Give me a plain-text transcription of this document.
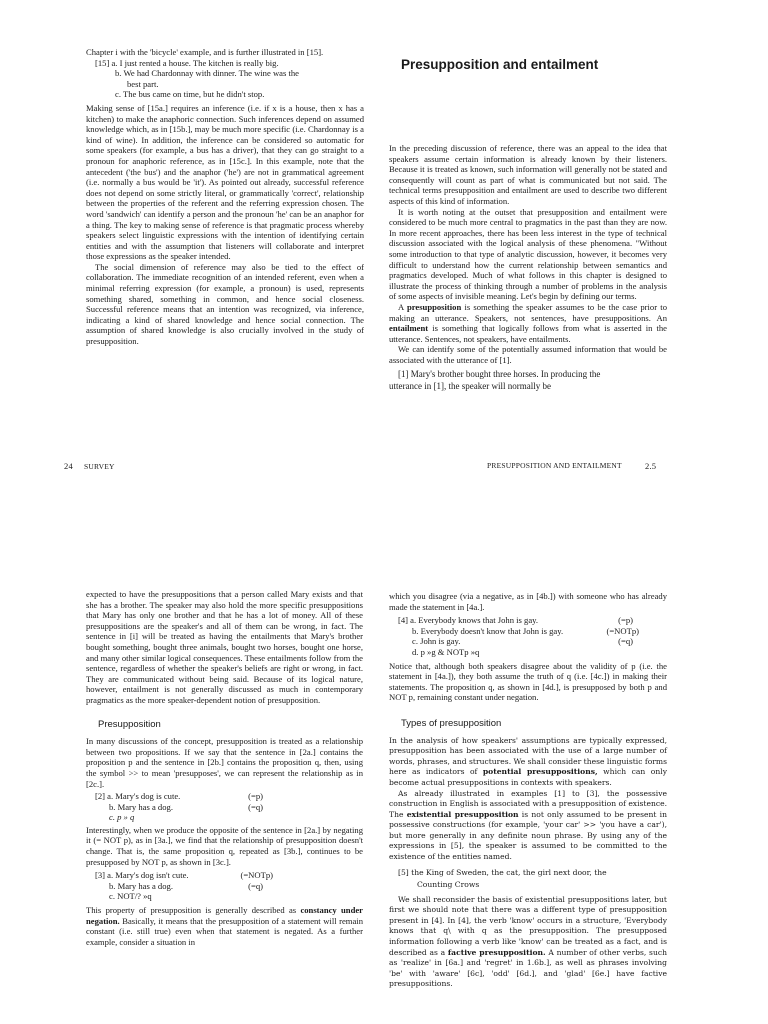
Chapter i with the 'bicycle' example, and is further illustrated in [15].

[15] a. I just rented a house. The kitchen is really big.

b. We had Chardonnay with dinner. The wine was the

best part.

c. The bus came on time, but he didn't stop.

Making sense of [15a.] requires an inference (i.e. if x is a house, then x has a kitchen) to make the anaphoric connection. Such inferences depend on assumed knowledge which, as in [15b.], may be much more specific (i.e. Chardonnay is a kind of wine). In addition, the inference can be considered so automatic for some speakers (for example, a bus has a driver), that they can go straight to a pronoun for anaphoric reference, as in [15c.]. In this example, note that the antecedent ('the bus') and the anaphor ('he') are not in grammatical agreement (i.e. normally a bus would be 'it'). As pointed out already, successful reference does not depend on some strictly literal, or grammatically 'correct', relationship between the properties of the referent and the referring expression chosen. The word 'sandwich' can identify a person and the pronoun 'he' can be an anaphor for a thing. The key to making sense of reference is that pragmatic process whereby speakers select linguistic expressions with the intention of identifying certain entities and with the assumption that listeners will collaborate and interpret those expressions as the speaker intended.

The social dimension of reference may also be tied to the effect of collaboration. The immediate recognition of an intended referent, even when a minimal referring expression (for example, a pronoun) is used, represents something shared, something in common, and hence social closeness. Successful reference means that an intention was recognized, via inference, indicating a kind of shared knowledge and hence social connection. The assumption of shared knowledge is also crucially involved in the study of presupposition.

24 SURVEY
Presupposition and entailment

In the preceding discussion of reference, there was an appeal to the idea that speakers assume certain information is already known by their listeners. Because it is treated as known, such information will generally not be stated and consequently will count as part of what is communicated but not said. The technical terms presupposition and entailment are used to describe two different aspects of this kind of information.

It is worth noting at the outset that presupposition and entailment were considered to be much more central to pragmatics in the past than they are now. In more recent approaches, there has been less interest in the type of technical discussion associated with the logical analysis of these phenomena. "Without some introduction to that type of analytic discussion, however, it becomes very difficult to understand how the current relationship between semantics and pragmatics developed. Much of what follows in this chapter is designed to illustrate the process of thinking through a number of problems in the analysis of some aspects of invisible meaning. Let's begin by defining our terms.

A presupposition is something the speaker assumes to be the case prior to making an utterance. Speakers, not sentences, have presuppositions. An entailment is something that logically follows from what is asserted in the utterance. Sentences, not speakers, have entailments.

We can identify some of the potentially assumed information that would be associated with the utterance of [1].

[1] Mary's brother bought three horses. In producing the

utterance in [1], the speaker will normally be

PRESUPPOSITION AND ENTAILMENT	2.5

expected to have the presuppositions that a person called Mary exists and that she has a brother. The speaker may also hold the more specific presuppositions that Mary has only one brother and that he has a lot of money. All of these presuppositions are the speaker's and all of them can be wrong, in fact. The sentence in [i] will be treated as having the entailments that Mary's brother bought something, bought three animals, bought two horses, bought one horse, and many other similar logical consequences. These entailments follow from the sentence, regardless of whether the speaker's beliefs are right or wrong, in fact. They are communicated without being said. Because of its logical nature, however, entailment is not generally discussed as much in contemporary pragmatics as the more speaker-dependent notion of presupposition.

Presupposition

In many discussions of the concept, presupposition is treated as a relationship between two propositions. If we say that the sentence in [2a.] contains the proposition p and the sentence in [2b.] contains the proposition q, then, using the symbol >> to mean 'presupposes', we can represent the relationship as in [2c.].

[2] a. Mary's dog is cute.	(=p)
b. Mary has a dog.	(=q)
c. p » q

Interestingly, when we produce the opposite of the sentence in [2a.] by negating it (= NOT p), as in [3a.], we find that the relationship of presupposition doesn't change. That is, the same proposition q, repeated as [3b.], continues to be presupposed by NOT p, as shown in [3c.].

[3] a. Mary's dog isn't cute.	(=NOTp)
b. Mary has a dog.	(=q)
c. NOT/? »q

This property of presupposition is generally described as constancy under negation. Basically, it means that the presupposition of a statement will remain constant (i.e. still true) even when that statement is negated. As a further example, consider a situation in

which you disagree (via a negative, as in [4b.]) with someone who has already made the statement in [4a.].

[4] a. Everybody knows that John is gay.	(=p)
b. Everybody doesn't know that John is gay.	(=NOTp)
c. John is gay.	(=q)
d. p »g & NOTp »q

Notice that, although both speakers disagree about the validity of p (i.e. the statement in [4a.]), they both assume the truth of q (i.e. [4c.]) in making their statements. The proposition q, as shown in [4d.], is presupposed by both p and NOT p, remaining constant under negation.

Types of presupposition

In the analysis of how speakers' assumptions are typically expressed, presupposition has been associated with the use of a large number of words, phrases, and structures. We shall consider these linguistic forms here as indicators of potential presuppositions, which can only become actual presuppositions in contexts with speakers.

As already illustrated in examples [1] to [3], the possessive construction in English is associated with a presupposition of existence. The existential presupposition is not only assumed to be present in possessive constructions (for example, 'your car' >> 'you have a car'), but more generally in any definite noun phrase. By using any of the expressions in [5], the speaker is assumed to be committed to the existence of the entities named.

[5] the King of Sweden, the cat, the girl next door, the

Counting Crows

We shall reconsider the basis of existential presuppositions later, but first we should note that there was a different type of presupposition present in [4]. In [4], the verb 'know' occurs in a structure, 'Everybody knows that q\ with q as the presupposition. The presupposed information following a verb like 'know' can be treated as a fact, and is described as a factive presupposition. A number of other verbs, such as 'realize' in [6a.] and 'regret' in 1.6b.], as well as phrases involving 'be' with 'aware' [6c], 'odd' [6d.], and 'glad' [6e.] have factive presuppositions.
